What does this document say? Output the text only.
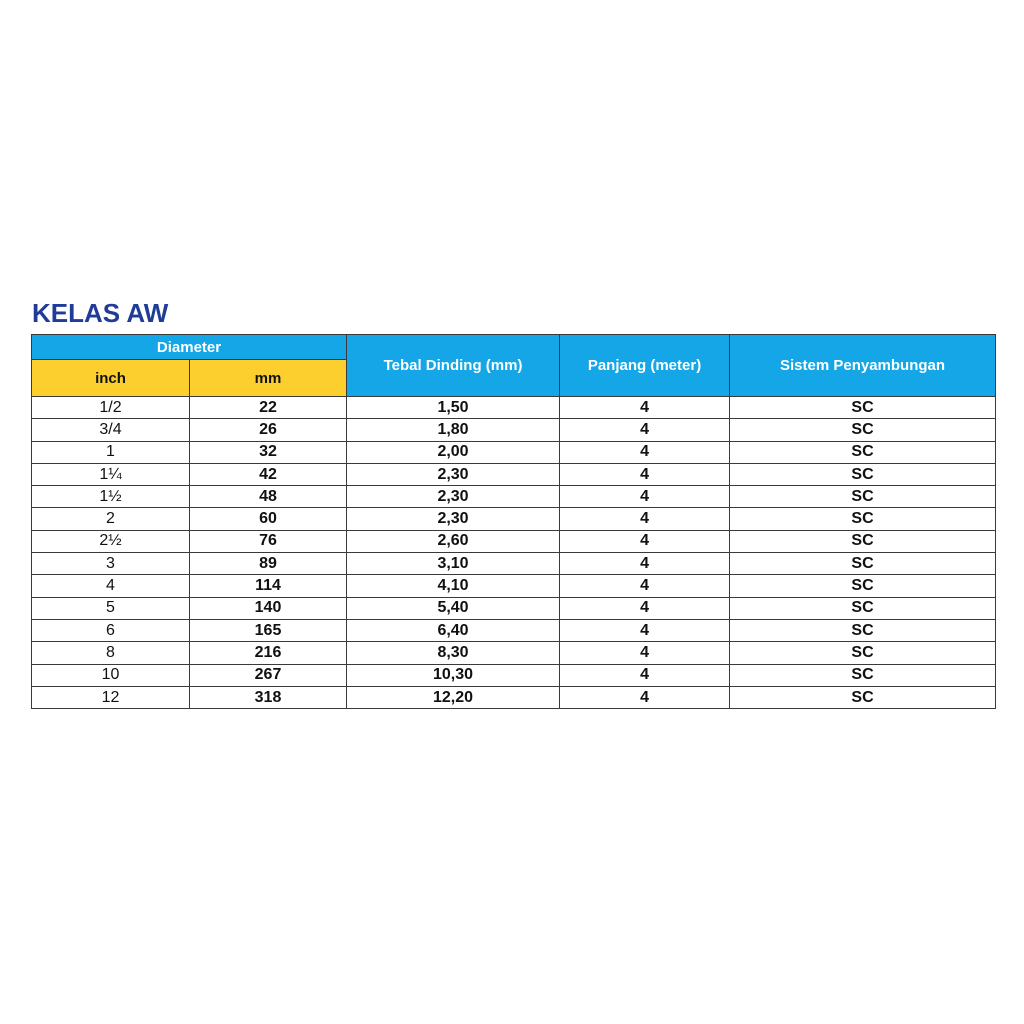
KELAS AW
Diameter		Tebal Dinding (mm)	Panjang (meter)	Sistem Penyambungan
inch	mm			
1/2	22	1,50	4	SC
3/4	26	1,80	4	SC
1	32	2,00	4	SC
1¼	42	2,30	4	SC
1½	48	2,30	4	SC
2	60	2,30	4	SC
2½	76	2,60	4	SC
3	89	3,10	4	SC
4	114	4,10	4	SC
5	140	5,40	4	SC
6	165	6,40	4	SC
8	216	8,30	4	SC
10	267	10,30	4	SC
12	318	12,20	4	SC
